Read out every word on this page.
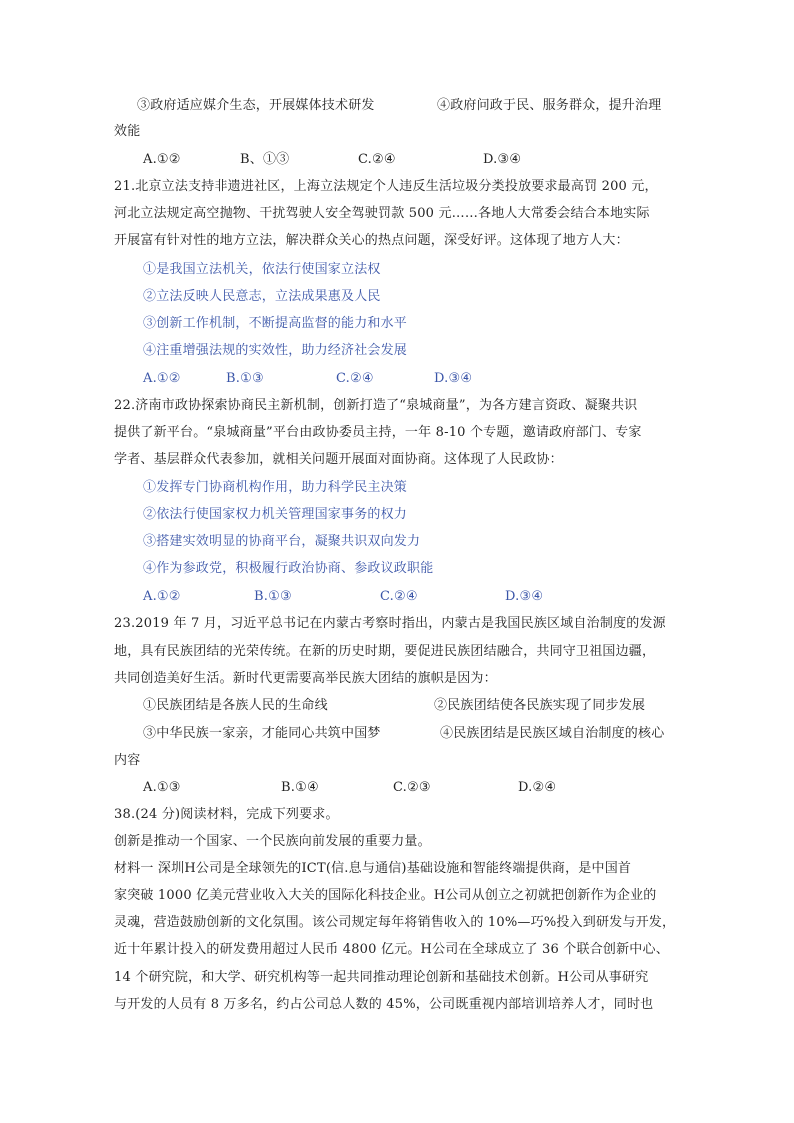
③政府适应媒介生态，开展媒体技术研发	④政府问政于民、服务群众，提升治理
效能
A.①②	B、①③	C.②④	D.③④
21.北京立法支持非遗进社区，上海立法规定个人违反生活垃圾分类投放要求最高罚 200 元，
河北立法规定高空抛物、干扰驾驶人安全驾驶罚款 500 元……各地人大常委会结合本地实际
开展富有针对性的地方立法，解决群众关心的热点问题，深受好评。这体现了地方人大：
①是我国立法机关，依法行使国家立法权
②立法反映人民意志，立法成果惠及人民
③创新工作机制，不断提高监督的能力和水平
④注重增强法规的实效性，助力经济社会发展
A.①②	B.①③	C.②④	D.③④
22.济南市政协探索协商民主新机制，创新打造了“泉城商量”，为各方建言资政、凝聚共识
提供了新平台。“泉城商量”平台由政协委员主持，一年 8-10 个专题，邀请政府部门、专家
学者、基层群众代表参加，就相关问题开展面对面协商。这体现了人民政协：
①发挥专门协商机构作用，助力科学民主决策
②依法行使国家权力机关管理国家事务的权力
③搭建实效明显的协商平台，凝聚共识双向发力
④作为参政党，积极履行政治协商、参政议政职能
A.①②	B.①③	C.②④	D.③④
23.2019 年 7 月，习近平总书记在内蒙古考察时指出，内蒙古是我国民族区域自治制度的发源
地，具有民族团结的光荣传统。在新的历史时期，要促进民族团结融合，共同守卫祖国边疆，
共同创造美好生活。新时代更需要高举民族大团结的旗帜是因为：
①民族团结是各族人民的生命线	②民族团结使各民族实现了同步发展
③中华民族一家亲，才能同心共筑中国梦	④民族团结是民族区域自治制度的核心
内容
A.①③	B.①④	C.②③	D.②④
38.(24 分)阅读材料，完成下列要求。
创新是推动一个国家、一个民族向前发展的重要力量。
材料一 深圳H公司是全球领先的ICT(信.息与通信)基础设施和智能终端提供商，是中国首
家突破 1000 亿美元营业收入大关的国际化科技企业。H公司从创立之初就把创新作为企业的
灵魂，营造鼓励创新的文化氛围。该公司规定每年将销售收入的 10%—巧%投入到研发与开发，
近十年累计投入的研发费用超过人民币 4800 亿元。H公司在全球成立了 36 个联合创新中心、
14 个研究院，和大学、研究机构等一起共同推动理论创新和基础技术创新。H公司从事研究
与开发的人员有 8 万多名，约占公司总人数的 45%，公司既重视内部培训培养人才，同时也
